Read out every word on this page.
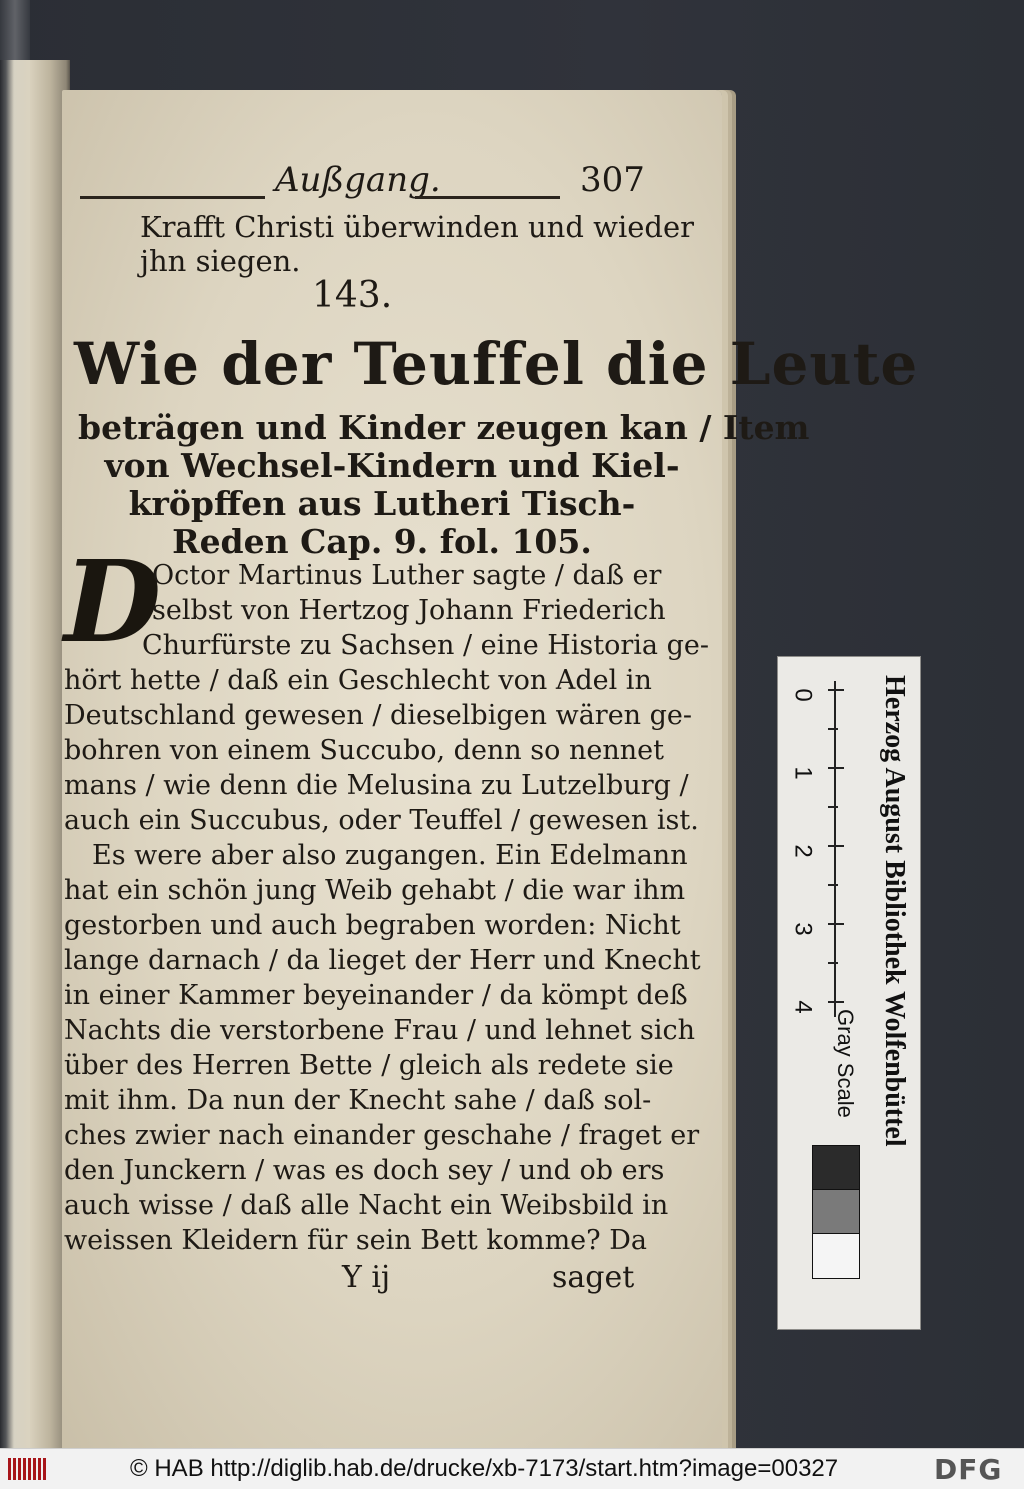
Außgang.	307
Krafft Christi überwinden und wieder
jhn siegen.
143.
Wie der Teuffel die Leute
beträgen und Kinder zeugen kan / Item
von Wechsel-Kindern und Kiel-
kröpffen aus Lutheri Tisch-
Reden Cap. 9. fol. 105.
D
Octor Martinus Luther sagte / daß er
selbst von Hertzog Johann Friederich
Churfürste zu Sachsen / eine Historia ge-
hört hette / daß ein Geschlecht von Adel in
Deutschland gewesen / dieselbigen wären ge-
bohren von einem Succubo, denn so nennet
mans / wie denn die Melusina zu Lutzelburg /
auch ein Succubus, oder Teuffel / gewesen ist.
Es were aber also zugangen. Ein Edelmann
hat ein schön jung Weib gehabt / die war ihm
gestorben und auch begraben worden: Nicht
lange darnach / da lieget der Herr und Knecht
in einer Kammer beyeinander / da kömpt deß
Nachts die verstorbene Frau / und lehnet sich
über des Herren Bette / gleich als redete sie
mit ihm. Da nun der Knecht sahe / daß sol-
ches zwier nach einander geschahe / fraget er
den Junckern / was es doch sey / und ob ers
auch wisse / daß alle Nacht ein Weibsbild in
weissen Kleidern für sein Bett komme? Da
Y ij	saget
Herzog August Bibliothek Wolfenbüttel
0
1
2
3
4
Gray Scale
© HAB http://diglib.hab.de/drucke/xb-7173/start.htm?image=00327	DFG
